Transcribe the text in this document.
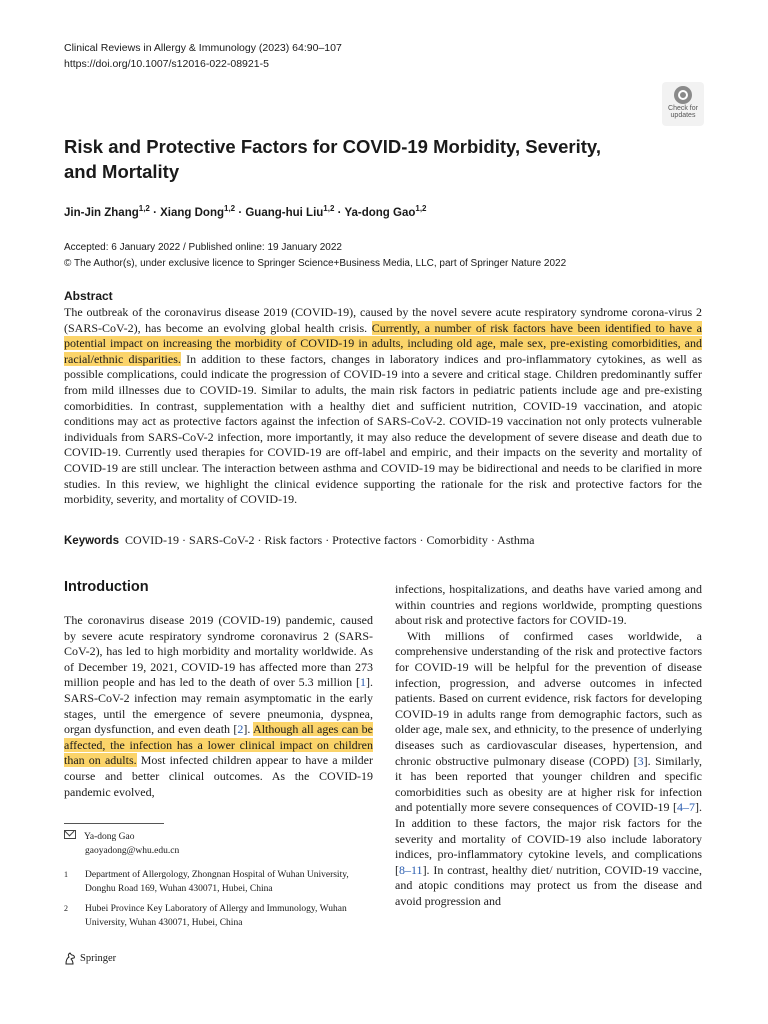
Clinical Reviews in Allergy & Immunology (2023) 64:90–107
https://doi.org/10.1007/s12016-022-08921-5
Check for
updates
Risk and Protective Factors for COVID-19 Morbidity, Severity,
and Mortality
Jin-Jin Zhang$^{1,2}$ · Xiang Dong$^{1,2}$ · Guang-hui Liu$^{1,2}$ · Ya-dong Gao$^{1,2}$
Accepted: 6 January 2022 / Published online: 19 January 2022
© The Author(s), under exclusive licence to Springer Science+Business Media, LLC, part of Springer Nature 2022
Abstract
The outbreak of the coronavirus disease 2019 (COVID-19), caused by the novel severe acute respiratory syndrome corona-virus 2 (SARS-CoV-2), has become an evolving global health crisis. Currently, a number of risk factors have been identified to have a potential impact on increasing the morbidity of COVID-19 in adults, including old age, male sex, pre-existing comorbidities, and racial/ethnic disparities. In addition to these factors, changes in laboratory indices and pro-inflammatory cytokines, as well as possible complications, could indicate the progression of COVID-19 into a severe and critical stage. Children predominantly suffer from mild illnesses due to COVID-19. Similar to adults, the main risk factors in pediatric patients include age and pre-existing comorbidities. In contrast, supplementation with a healthy diet and sufficient nutrition, COVID-19 vaccination, and atopic conditions may act as protective factors against the infection of SARS-CoV-2. COVID-19 vaccination not only protects vulnerable individuals from SARS-CoV-2 infection, more importantly, it may also reduce the development of severe disease and death due to COVID-19. Currently used therapies for COVID-19 are off-label and empiric, and their impacts on the severity and mortality of COVID-19 are still unclear. The interaction between asthma and COVID-19 may be bidirectional and needs to be clarified in more studies. In this review, we highlight the clinical evidence supporting the rationale for the risk and protective factors for the morbidity, severity, and mortality of COVID-19.
Keywords COVID-19 · SARS-CoV-2 · Risk factors · Protective factors · Comorbidity · Asthma
Introduction
The coronavirus disease 2019 (COVID-19) pandemic, caused by severe acute respiratory syndrome coronavirus 2 (SARS-CoV-2), has led to high morbidity and mortality worldwide. As of December 19, 2021, COVID-19 has affected more than 273 million people and has led to the death of over 5.3 million [1]. SARS-CoV-2 infection may remain asymptomatic in the early stages, until the emergence of severe pneumonia, dyspnea, organ dysfunction, and even death [2]. Although all ages can be affected, the infection has a lower clinical impact on children than on adults. Most infected children appear to have a milder course and better clinical outcomes. As the COVID-19 pandemic evolved,

infections, hospitalizations, and deaths have varied among and within countries and regions worldwide, prompting questions about risk and protective factors for COVID-19.

With millions of confirmed cases worldwide, a comprehensive understanding of the risk and protective factors for COVID-19 will be helpful for the prevention of disease infection, progression, and adverse outcomes in infected patients. Based on current evidence, risk factors for developing COVID-19 in adults range from demographic factors, such as older age, male sex, and ethnicity, to the presence of underlying diseases such as cardiovascular diseases, hypertension, and chronic obstructive pulmonary disease (COPD) [3]. Similarly, it has been reported that younger children and specific comorbidities such as obesity are at higher risk for infection and potentially more severe consequences of COVID-19 [4–7]. In addition to these factors, the major risk factors for the severity and mortality of COVID-19 also include laboratory indices, pro-inflammatory cytokine levels, and complications [8–11]. In contrast, healthy diet/ nutrition, COVID-19 vaccine, and atopic conditions may protect us from the disease and avoid progression and

Ya-dong Gao
gaoyadong@whu.edu.cn
1 Department of Allergology, Zhongnan Hospital of Wuhan University, Donghu Road 169, Wuhan 430071, Hubei, China
2 Hubei Province Key Laboratory of Allergy and Immunology, Wuhan University, Wuhan 430071, Hubei, China
Springer
